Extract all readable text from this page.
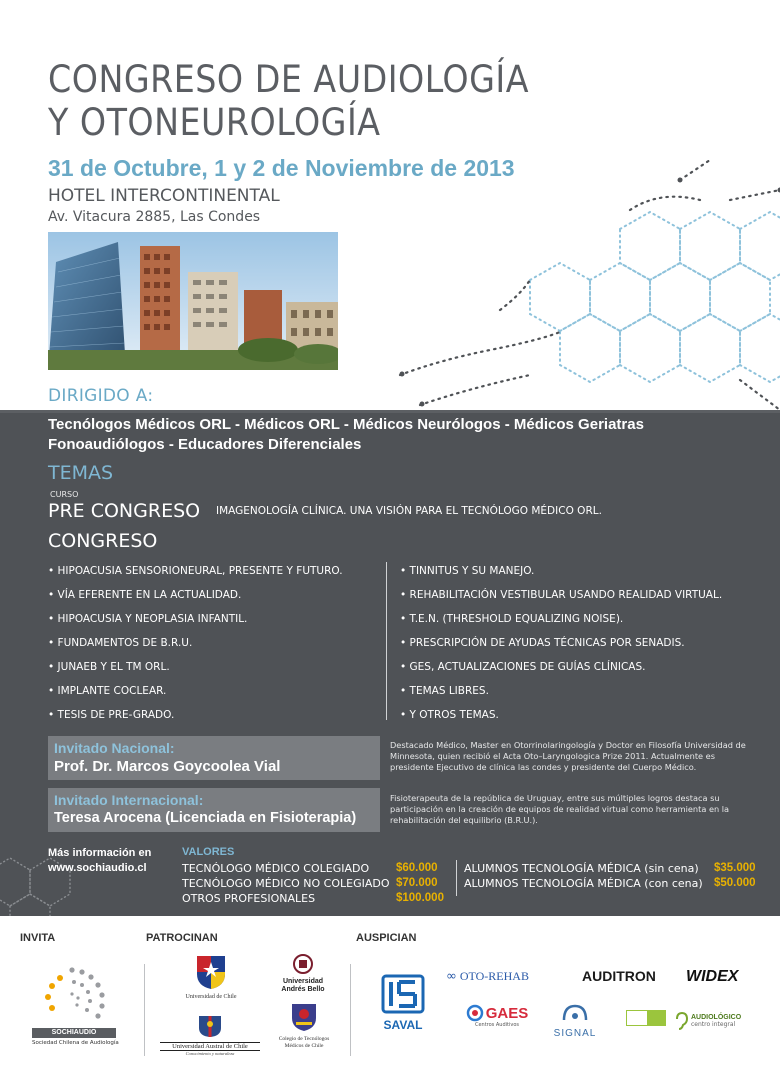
CONGRESO DE AUDIOLOGÍA
Y OTONEUROLOGÍA
31 de Octubre, 1 y 2 de Noviembre de 2013
HOTEL INTERCONTINENTAL
Av. Vitacura 2885, Las Condes
DIRIGIDO A:
Tecnólogos Médicos ORL - Médicos ORL - Médicos Neurólogos - Médicos Geriatras
Fonoaudiólogos - Educadores Diferenciales
TEMAS
CURSO
PRE CONGRESO IMAGENOLOGÍA CLÍNICA. UNA VISIÓN PARA EL TECNÓLOGO MÉDICO ORL.
CONGRESO
• HIPOACUSIA SENSORIONEURAL, PRESENTE Y FUTURO.
• VÍA EFERENTE EN LA ACTUALIDAD.
• HIPOACUSIA Y NEOPLASIA INFANTIL.
• FUNDAMENTOS DE B.R.U.
• JUNAEB Y EL TM ORL.
• IMPLANTE COCLEAR.
• TESIS DE PRE-GRADO.
• TINNITUS Y SU MANEJO.
• REHABILITACIÓN VESTIBULAR USANDO REALIDAD VIRTUAL.
• T.E.N. (THRESHOLD EQUALIZING NOISE).
• PRESCRIPCIÓN DE AYUDAS TÉCNICAS POR SENADIS.
• GES, ACTUALIZACIONES DE GUÍAS CLÍNICAS.
• TEMAS LIBRES.
• Y OTROS TEMAS.
Invitado Nacional:
Prof. Dr. Marcos Goycoolea Vial
Destacado Médico, Master en Otorrinolaringología y Doctor en Filosofía Universidad de Minnesota, quien recibió el Acta Oto–Laryngologica Prize 2011. Actualmente es presidente Ejecutivo de clínica las condes y presidente del Cuerpo Médico.
Invitado Internacional:
Teresa Arocena (Licenciada en Fisioterapia)
Fisioterapeuta de la república de Uruguay, entre sus múltiples logros destaca su participación en la creación de equipos de realidad virtual como herramienta en la rehabilitación del equilibrio (B.R.U.).
Más información en
www.sochiaudio.cl
VALORES
TECNÓLOGO MÉDICO COLEGIADO $60.000
TECNÓLOGO MÉDICO NO COLEGIADO $70.000
OTROS PROFESIONALES	$100.000
ALUMNOS TECNOLOGÍA MÉDICA (sin cena) $35.000
ALUMNOS TECNOLOGÍA MÉDICA (con cena) $50.000
INVITA	PATROCINAN	AUSPICIAN
SOCHIAUDIO
Sociedad Chilena de Audiología
Universidad de Chile
Universidad
Andrés Bello
Universidad Austral de Chile
Conocimiento y naturaleza
Colegio de Tecnólogos
Médicos de Chile
SAVAL
∞ OTO-REHAB	AUDITRON	WIDEX
GAES
Centros Auditivos
SIGNAL
AUDIOLÓGICO
centro integral
